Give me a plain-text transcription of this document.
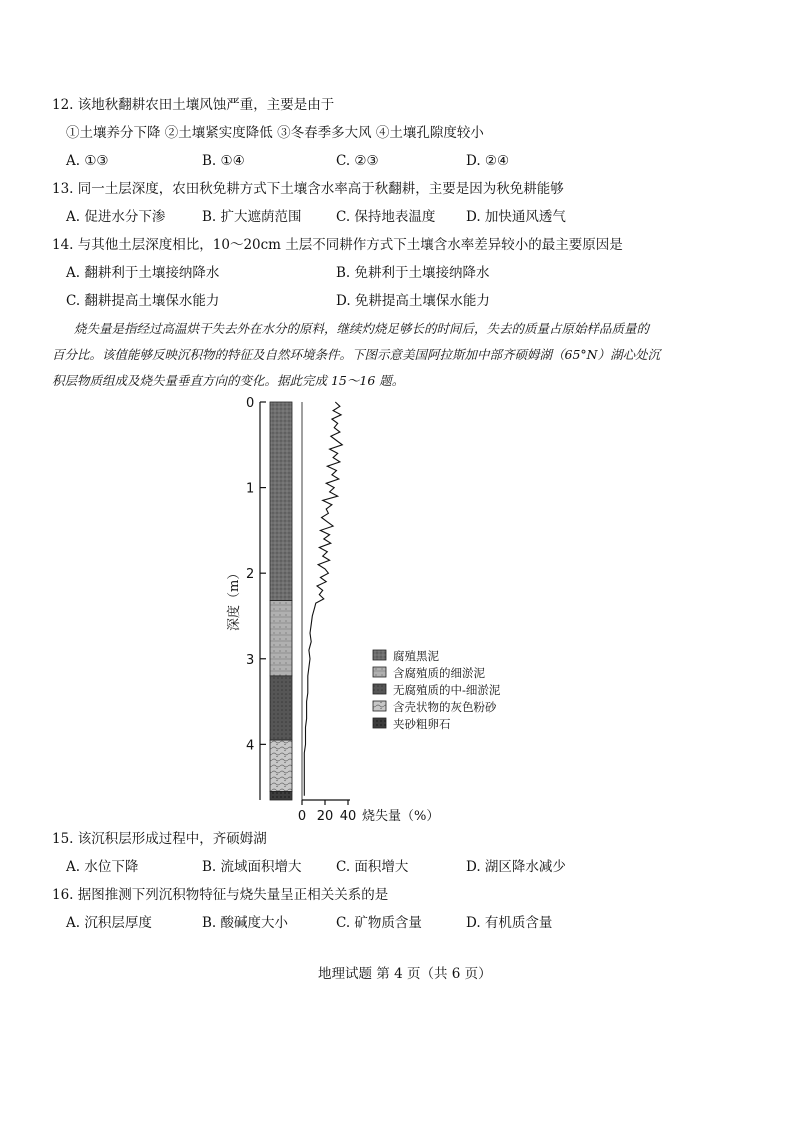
12. 该地秋翻耕农田土壤风蚀严重，主要是由于
①土壤养分下降 ②土壤紧实度降低 ③冬春季多大风 ④土壤孔隙度较小
A. ①③	B. ①④	C. ②③	D. ②④
13. 同一土层深度，农田秋免耕方式下土壤含水率高于秋翻耕，主要是因为秋免耕能够
A. 促进水分下渗	B. 扩大遮荫范围	C. 保持地表温度 D. 加快通风透气
14. 与其他土层深度相比，10～20cm 土层不同耕作方式下土壤含水率差异较小的最主要原因是
A. 翻耕利于土壤接纳降水	B. 免耕利于土壤接纳降水
C. 翻耕提高土壤保水能力	D. 免耕提高土壤保水能力
烧失量是指经过高温烘干失去外在水分的原料，继续灼烧足够长的时间后，失去的质量占原始样品质量的
百分比。该值能够反映沉积物的特征及自然环境条件。下图示意美国阿拉斯加中部齐硕姆湖（65°N）湖心处沉
积层物质组成及烧失量垂直方向的变化。据此完成 15～16 题。
0
1
2
3
4
深度（m）
0 20 40 烧失量（%）
腐殖黑泥
含腐殖质的细淤泥
无腐殖质的中-细淤泥
含壳状物的灰色粉砂
夹砂粗卵石
15. 该沉积层形成过程中，齐硕姆湖
A. 水位下降	B. 流域面积增大	C. 面积增大	D. 湖区降水减少
16. 据图推测下列沉积物特征与烧失量呈正相关关系的是
A. 沉积层厚度	B. 酸碱度大小	C. 矿物质含量	D. 有机质含量
地理试题 第 4 页（共 6 页）
